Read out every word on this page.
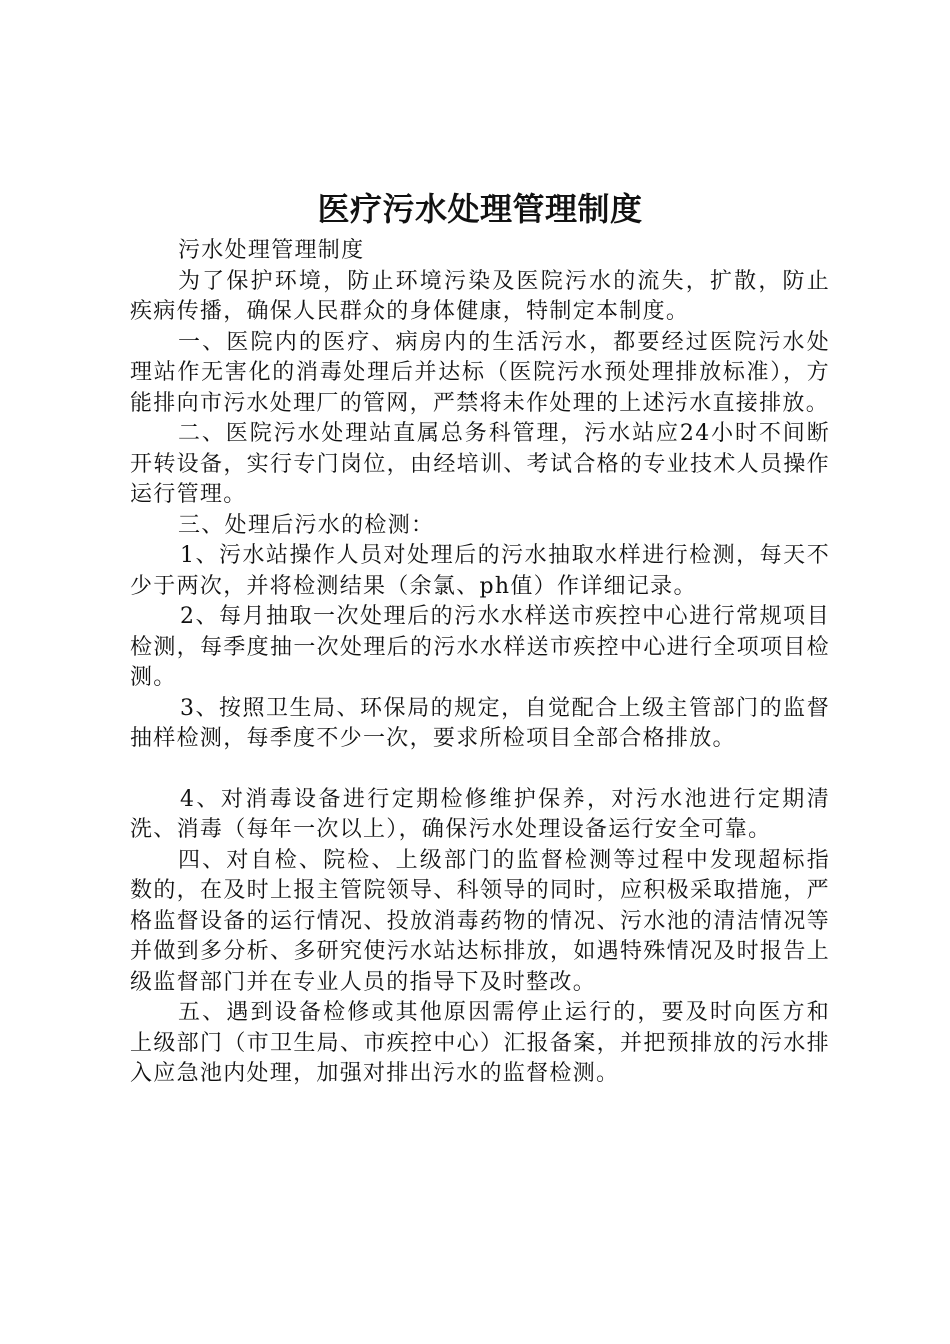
医疗污水处理管理制度

污水处理管理制度

为了保护环境，防止环境污染及医院污水的流失，扩散，防止疾病传播，确保人民群众的身体健康，特制定本制度。

一、医院内的医疗、病房内的生活污水，都要经过医院污水处理站作无害化的消毒处理后并达标（医院污水预处理排放标准），方能排向市污水处理厂的管网，严禁将未作处理的上述污水直接排放。

二、医院污水处理站直属总务科管理，污水站应24小时不间断开转设备，实行专门岗位，由经培训、考试合格的专业技术人员操作运行管理。

三、处理后污水的检测：

1、污水站操作人员对处理后的污水抽取水样进行检测，每天不少于两次，并将检测结果（余氯、ph值）作详细记录。

2、每月抽取一次处理后的污水水样送市疾控中心进行常规项目检测，每季度抽一次处理后的污水水样送市疾控中心进行全项项目检测。

3、按照卫生局、环保局的规定，自觉配合上级主管部门的监督抽样检测，每季度不少一次，要求所检项目全部合格排放。

4、对消毒设备进行定期检修维护保养，对污水池进行定期清洗、消毒（每年一次以上），确保污水处理设备运行安全可靠。

四、对自检、院检、上级部门的监督检测等过程中发现超标指数的，在及时上报主管院领导、科领导的同时，应积极采取措施，严格监督设备的运行情况、投放消毒药物的情况、污水池的清洁情况等并做到多分析、多研究使污水站达标排放，如遇特殊情况及时报告上级监督部门并在专业人员的指导下及时整改。

五、遇到设备检修或其他原因需停止运行的，要及时向医方和上级部门（市卫生局、市疾控中心）汇报备案，并把预排放的污水排入应急池内处理，加强对排出污水的监督检测。
